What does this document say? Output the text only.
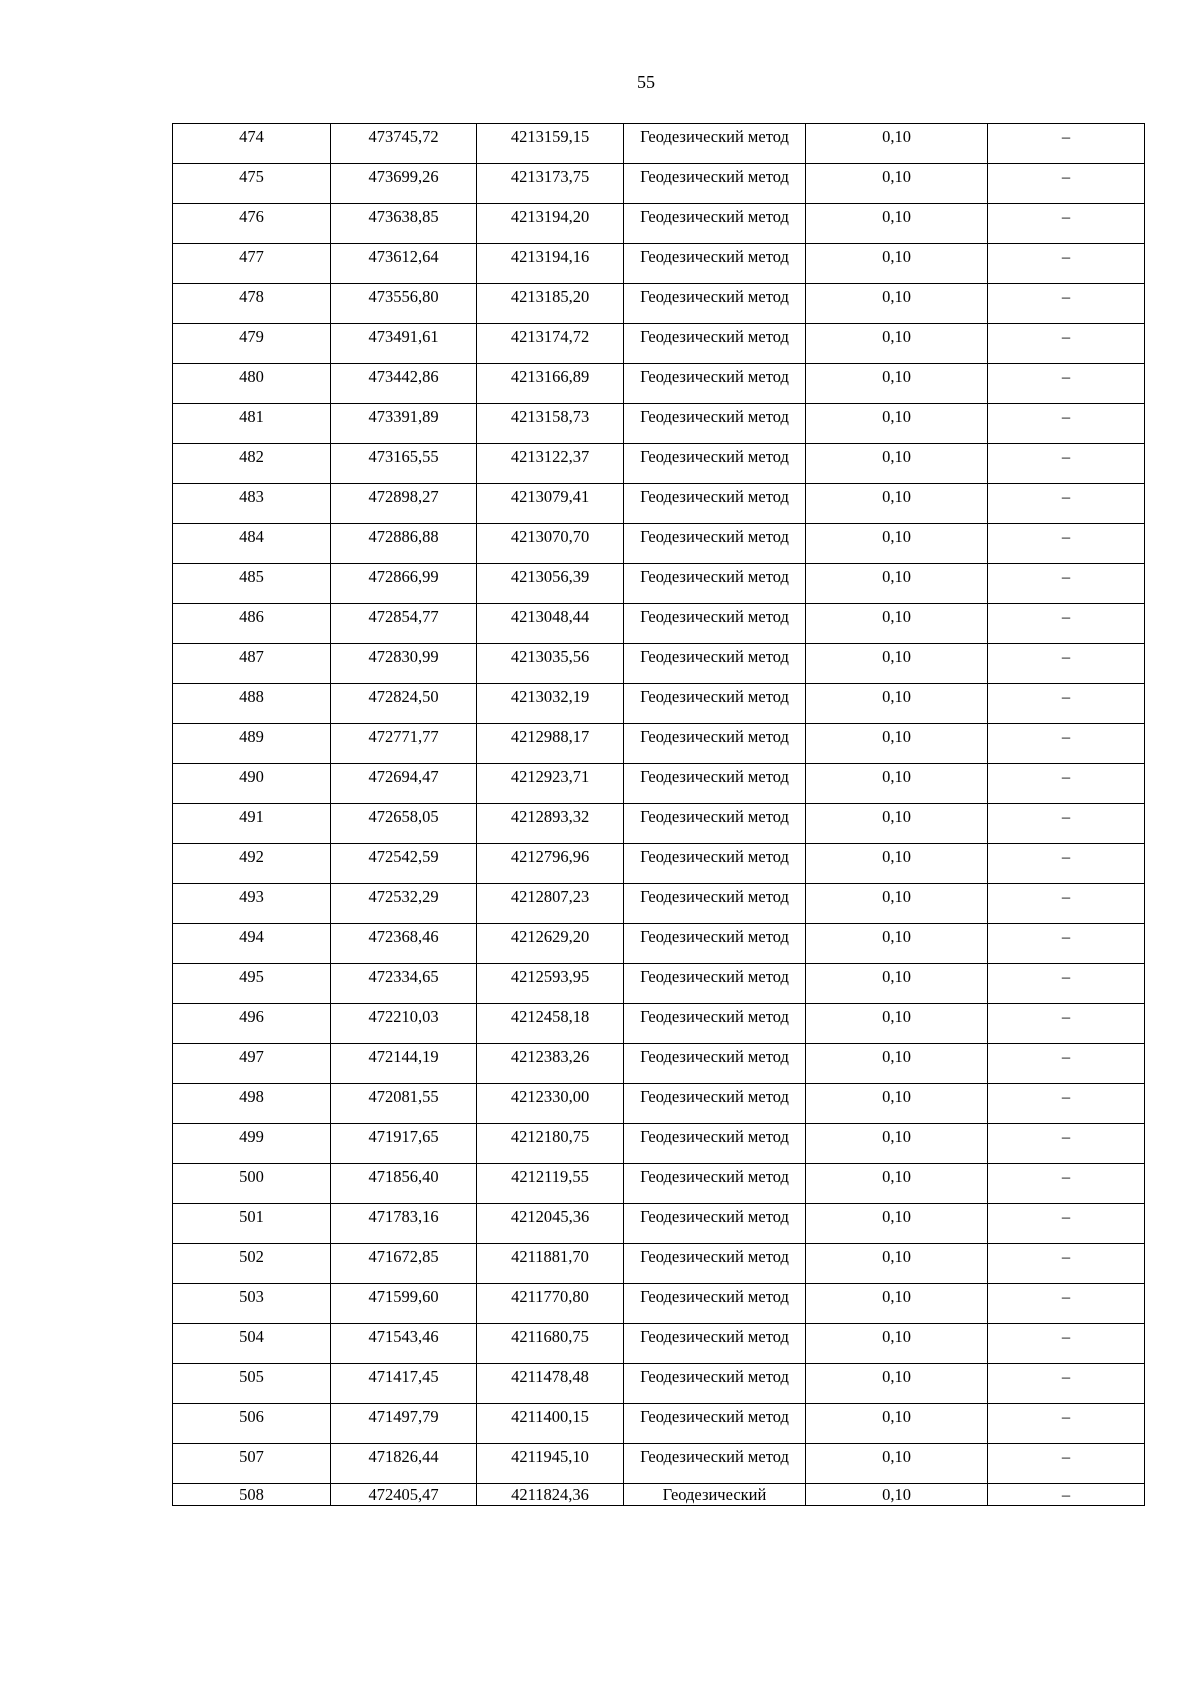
55
474	473745,72	4213159,15	Геодезический метод	0,10	–
475	473699,26	4213173,75	Геодезический метод	0,10	–
476	473638,85	4213194,20	Геодезический метод	0,10	–
477	473612,64	4213194,16	Геодезический метод	0,10	–
478	473556,80	4213185,20	Геодезический метод	0,10	–
479	473491,61	4213174,72	Геодезический метод	0,10	–
480	473442,86	4213166,89	Геодезический метод	0,10	–
481	473391,89	4213158,73	Геодезический метод	0,10	–
482	473165,55	4213122,37	Геодезический метод	0,10	–
483	472898,27	4213079,41	Геодезический метод	0,10	–
484	472886,88	4213070,70	Геодезический метод	0,10	–
485	472866,99	4213056,39	Геодезический метод	0,10	–
486	472854,77	4213048,44	Геодезический метод	0,10	–
487	472830,99	4213035,56	Геодезический метод	0,10	–
488	472824,50	4213032,19	Геодезический метод	0,10	–
489	472771,77	4212988,17	Геодезический метод	0,10	–
490	472694,47	4212923,71	Геодезический метод	0,10	–
491	472658,05	4212893,32	Геодезический метод	0,10	–
492	472542,59	4212796,96	Геодезический метод	0,10	–
493	472532,29	4212807,23	Геодезический метод	0,10	–
494	472368,46	4212629,20	Геодезический метод	0,10	–
495	472334,65	4212593,95	Геодезический метод	0,10	–
496	472210,03	4212458,18	Геодезический метод	0,10	–
497	472144,19	4212383,26	Геодезический метод	0,10	–
498	472081,55	4212330,00	Геодезический метод	0,10	–
499	471917,65	4212180,75	Геодезический метод	0,10	–
500	471856,40	4212119,55	Геодезический метод	0,10	–
501	471783,16	4212045,36	Геодезический метод	0,10	–
502	471672,85	4211881,70	Геодезический метод	0,10	–
503	471599,60	4211770,80	Геодезический метод	0,10	–
504	471543,46	4211680,75	Геодезический метод	0,10	–
505	471417,45	4211478,48	Геодезический метод	0,10	–
506	471497,79	4211400,15	Геодезический метод	0,10	–
507	471826,44	4211945,10	Геодезический метод	0,10	–
508	472405,47	4211824,36	Геодезический	0,10	–
